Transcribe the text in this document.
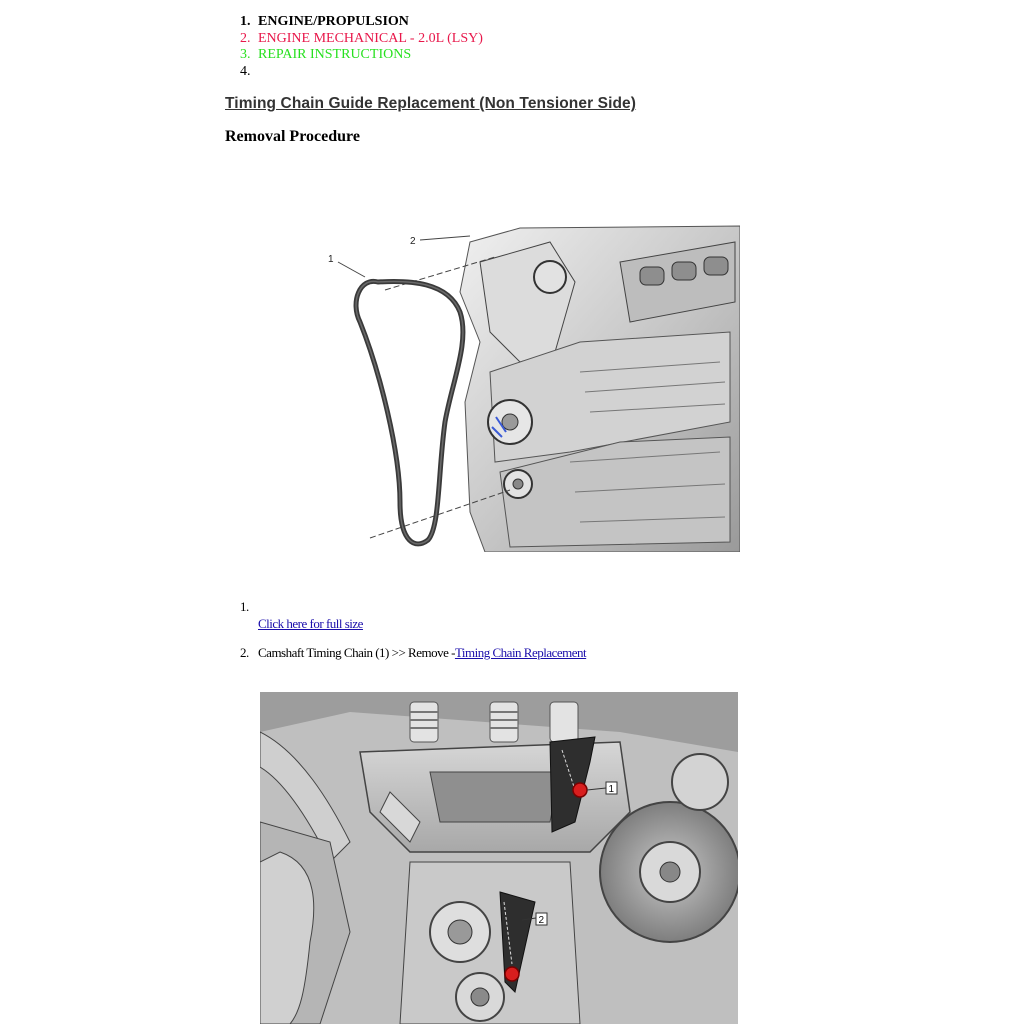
1. ENGINE/PROPULSION
2. ENGINE MECHANICAL - 2.0L (LSY)
3. REPAIR INSTRUCTIONS
4.
Timing Chain Guide Replacement (Non Tensioner Side)
Removal Procedure
1
2
1.
Click here for full size
2. Camshaft Timing Chain (1) >> Remove - Timing Chain Replacement
1
2
